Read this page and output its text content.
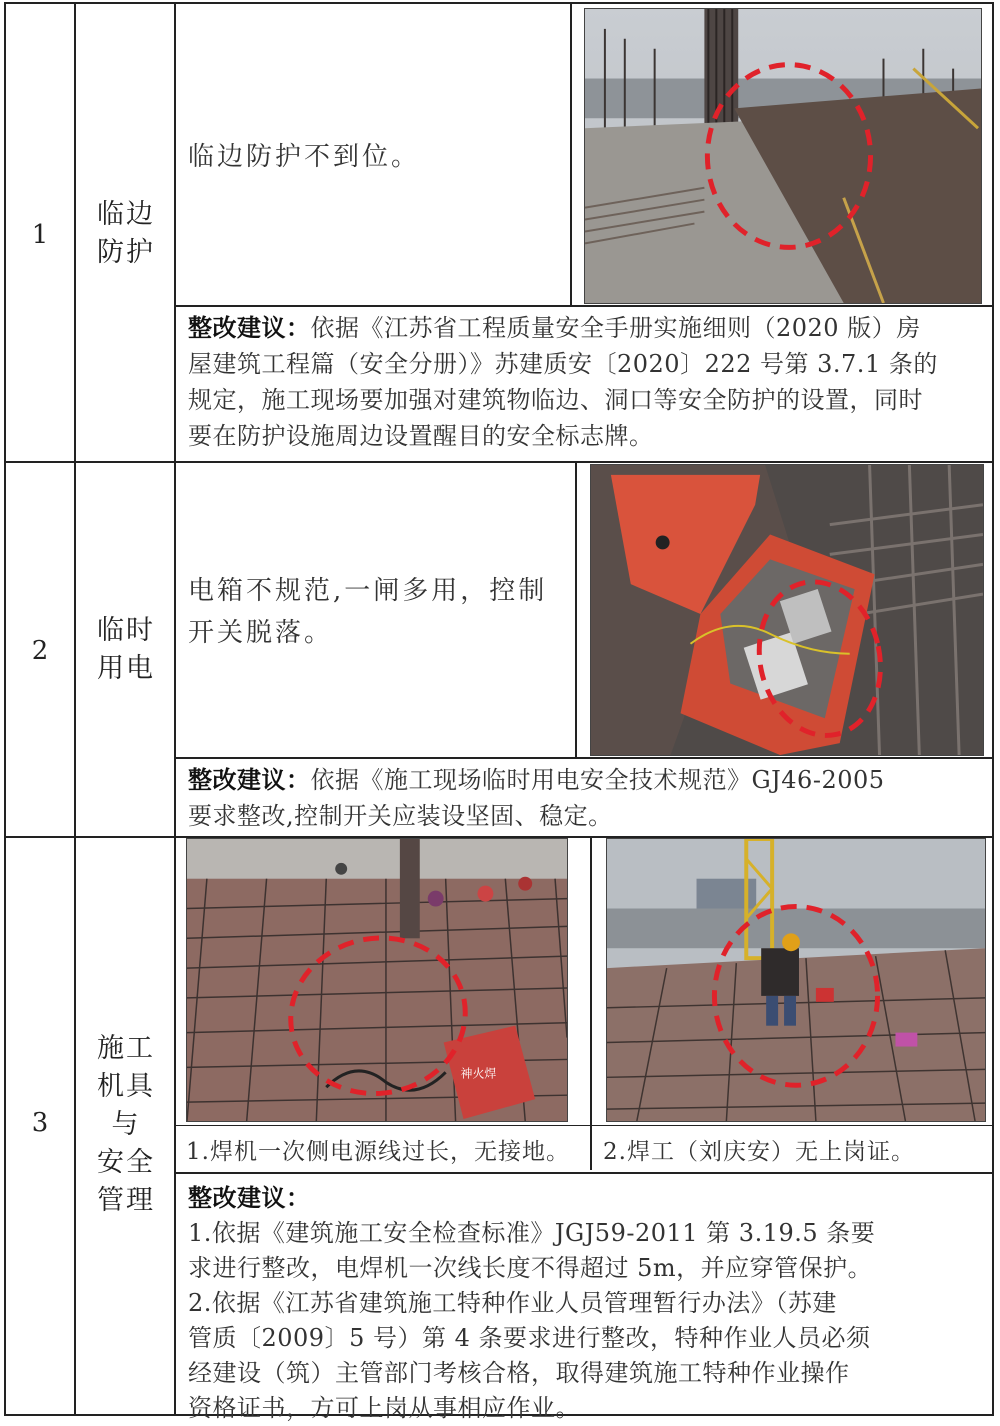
1
临边
防护
临边防护不到位。
整改建议：依据《江苏省工程质量安全手册实施细则（2020 版）房
屋建筑工程篇（安全分册）》苏建质安〔2020〕222 号第 3.7.1 条的
规定，施工现场要加强对建筑物临边、洞口等安全防护的设置，同时
要在防护设施周边设置醒目的安全标志牌。
2
临时
用电
电箱不规范,一闸多用，控制
开关脱落。
整改建议：依据《施工现场临时用电安全技术规范》GJ46-2005
要求整改,控制开关应装设坚固、稳定。
3
施工
机具
与
安全
管理
神火焊
1.焊机一次侧电源线过长，无接地。 2.焊工（刘庆安）无上岗证。
整改建议：
1.依据《建筑施工安全检查标准》JGJ59-2011 第 3.19.5 条要
求进行整改，电焊机一次线长度不得超过 5m，并应穿管保护。
2.依据《江苏省建筑施工特种作业人员管理暂行办法》（苏建
管质〔2009〕5 号）第 4 条要求进行整改，特种作业人员必须
经建设（筑）主管部门考核合格，取得建筑施工特种作业操作
资格证书，方可上岗从事相应作业。
